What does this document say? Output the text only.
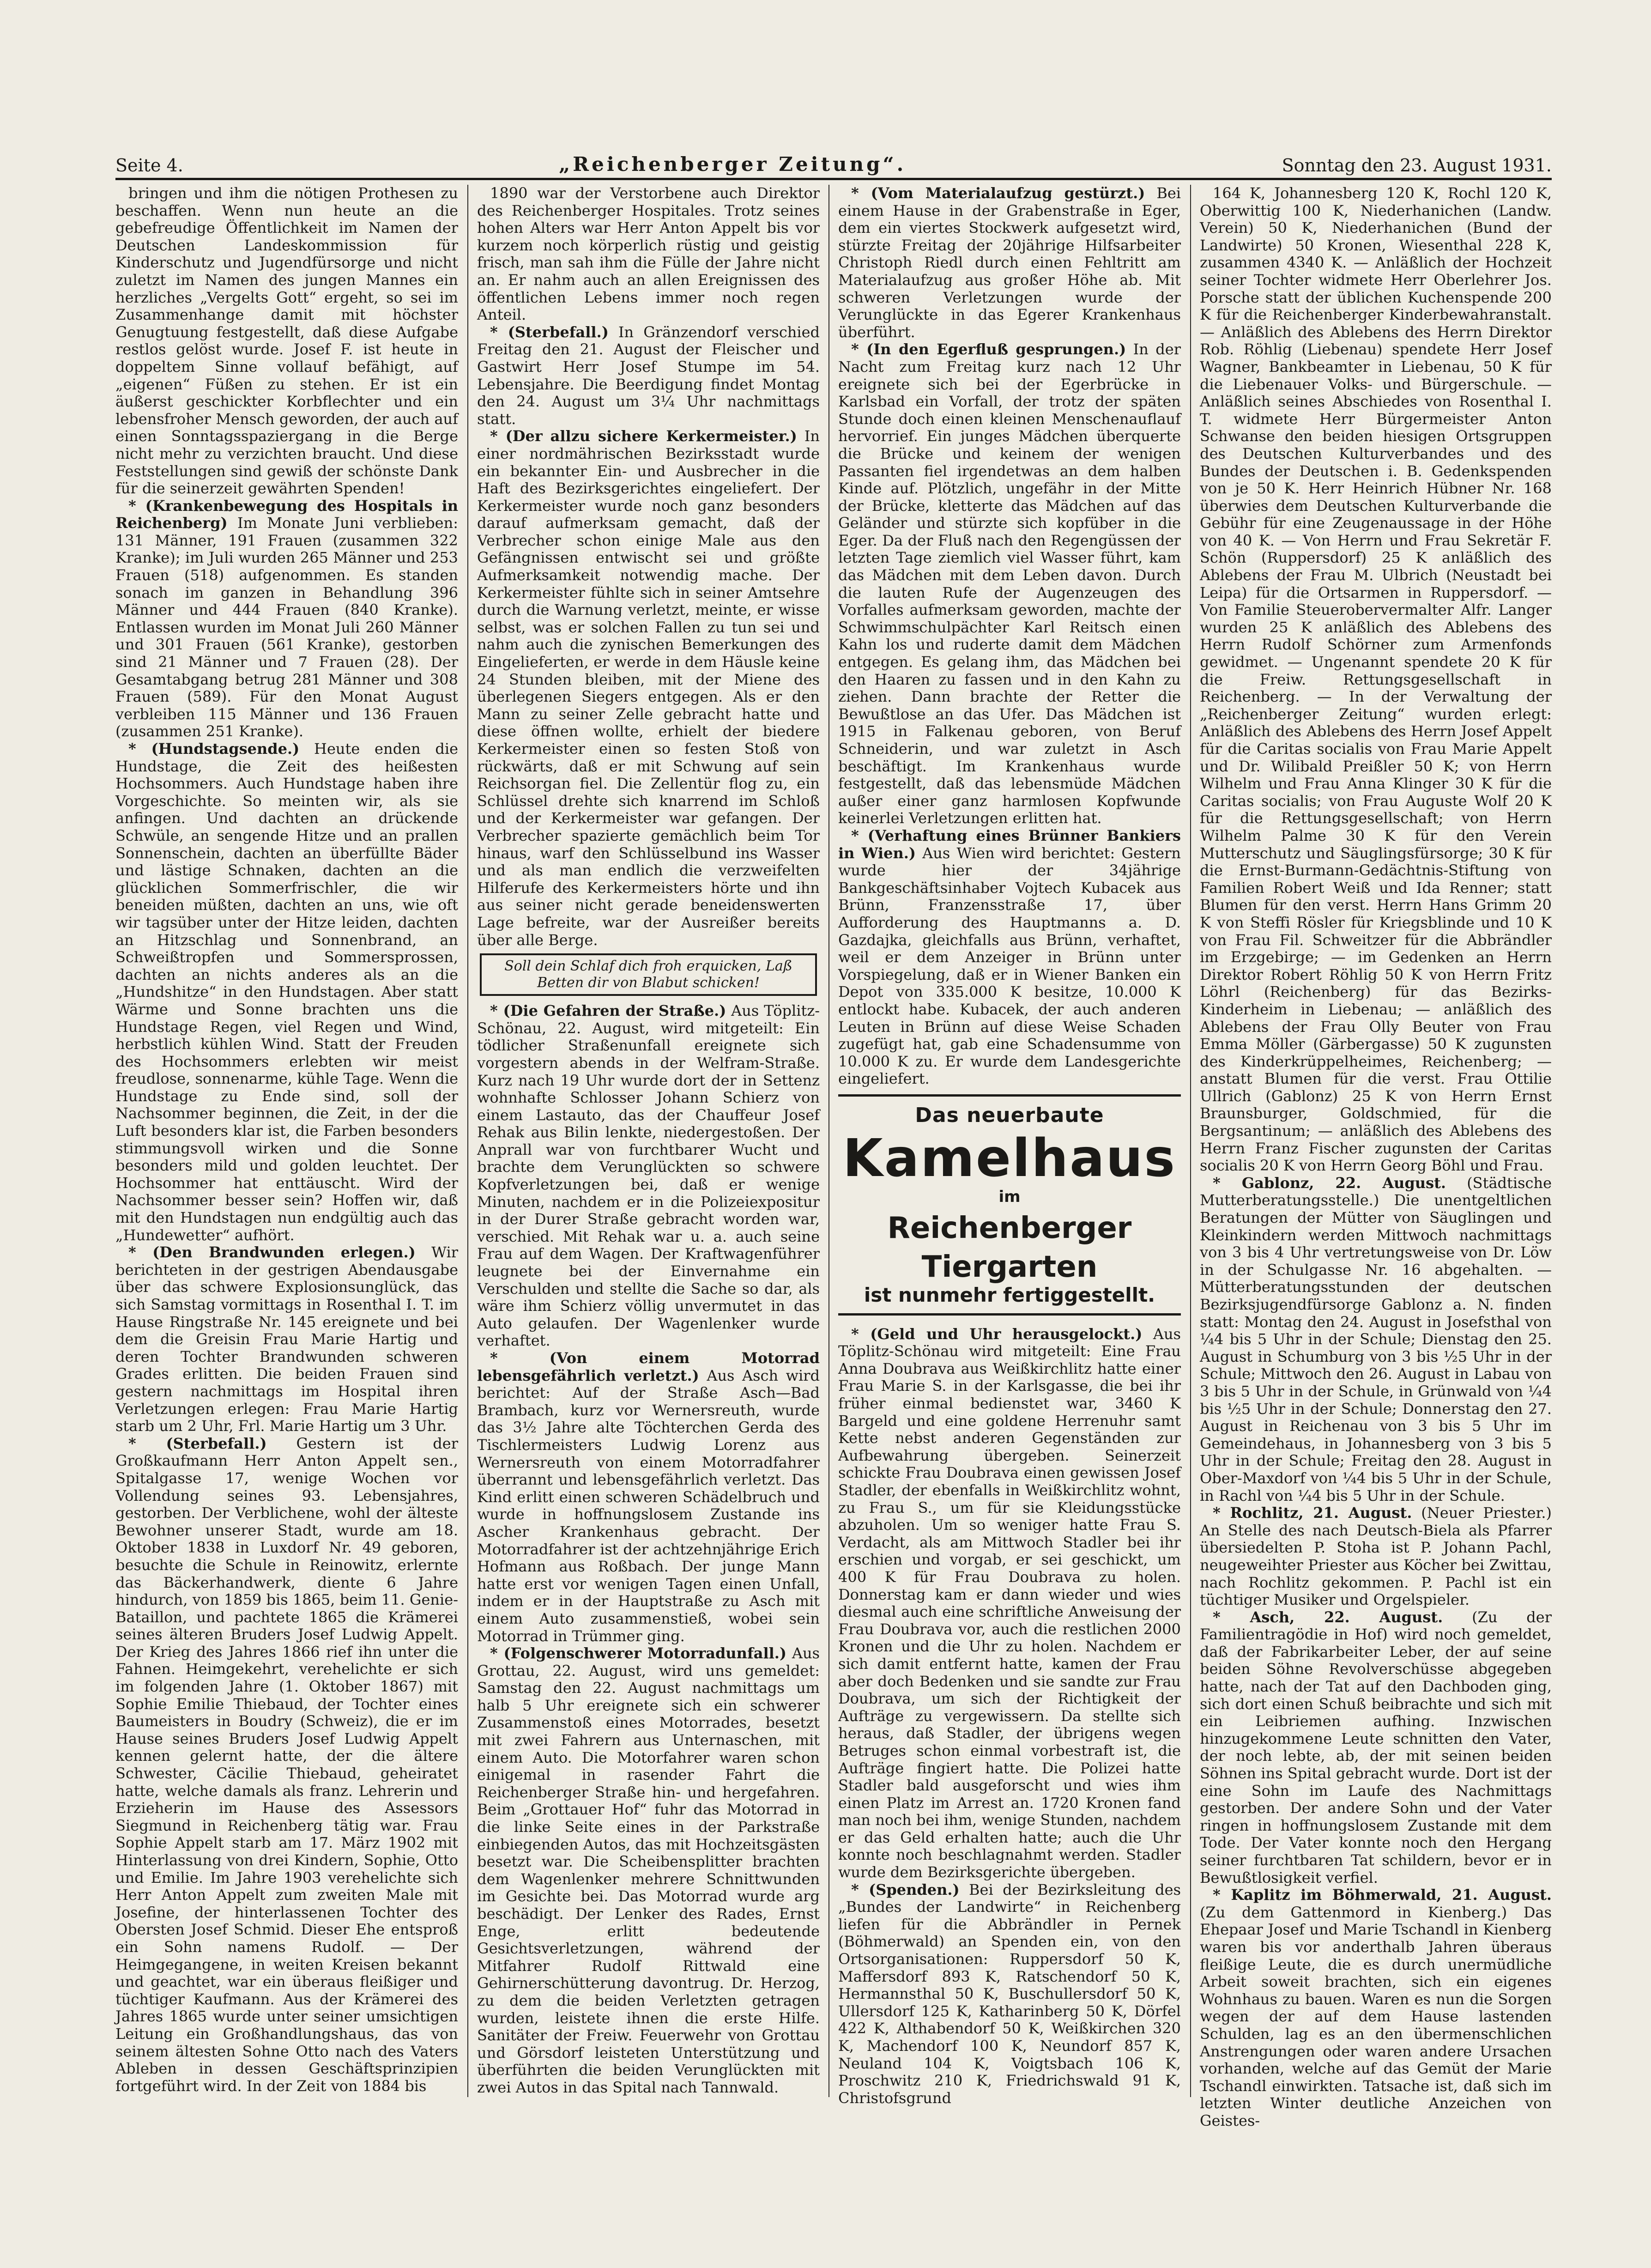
Seite 4.	„Reichenberger Zeitung“.	Sonntag den 23. August 1931.

bringen und ihm die nötigen Prothesen zu beschaffen. Wenn nun heute an die gebefreudige Öffentlichkeit im Namen der Deutschen Landeskommission für Kinderschutz und Jugendfürsorge und nicht zuletzt im Namen des jungen Mannes ein herzliches „Vergelts Gott“ ergeht, so sei im Zusammenhange damit mit höchster Genugtuung festgestellt, daß diese Aufgabe restlos gelöst wurde. Josef F. ist heute in doppeltem Sinne vollauf befähigt, auf „eigenen“ Füßen zu stehen. Er ist ein äußerst geschickter Korbflechter und ein lebensfroher Mensch geworden, der auch auf einen Sonntagsspaziergang in die Berge nicht mehr zu verzichten braucht. Und diese Feststellungen sind gewiß der schönste Dank für die seinerzeit gewährten Spenden!

* (Krankenbewegung des Hospitals in Reichenberg) Im Monate Juni verblieben: 131 Männer, 191 Frauen (zusammen 322 Kranke); im Juli wurden 265 Männer und 253 Frauen (518) aufgenommen. Es standen sonach im ganzen in Behandlung 396 Männer und 444 Frauen (840 Kranke). Entlassen wurden im Monat Juli 260 Männer und 301 Frauen (561 Kranke), gestorben sind 21 Männer und 7 Frauen (28). Der Gesamtabgang betrug 281 Männer und 308 Frauen (589). Für den Monat August verbleiben 115 Männer und 136 Frauen (zusammen 251 Kranke).

* (Hundstagsende.) Heute enden die Hundstage, die Zeit des heißesten Hochsommers. Auch Hundstage haben ihre Vorgeschichte. So meinten wir, als sie anfingen. Und dachten an drückende Schwüle, an sengende Hitze und an prallen Sonnenschein, dachten an überfüllte Bäder und lästige Schnaken, dachten an die glücklichen Sommerfrischler, die wir beneiden müßten, dachten an uns, wie oft wir tagsüber unter der Hitze leiden, dachten an Hitzschlag und Sonnenbrand, an Schweißtropfen und Sommersprossen, dachten an nichts anderes als an die „Hundshitze“ in den Hundstagen. Aber statt Wärme und Sonne brachten uns die Hundstage Regen, viel Regen und Wind, herbstlich kühlen Wind. Statt der Freuden des Hochsommers erlebten wir meist freudlose, sonnenarme, kühle Tage. Wenn die Hundstage zu Ende sind, soll der Nachsommer beginnen, die Zeit, in der die Luft besonders klar ist, die Farben besonders stimmungsvoll wirken und die Sonne besonders mild und golden leuchtet. Der Hochsommer hat enttäuscht. Wird der Nachsommer besser sein? Hoffen wir, daß mit den Hundstagen nun endgültig auch das „Hundewetter“ aufhört.

* (Den Brandwunden erlegen.) Wir berichteten in der gestrigen Abendausgabe über das schwere Explosionsunglück, das sich Samstag vormittags in Rosenthal I. T. im Hause Ringstraße Nr. 145 ereignete und bei dem die Greisin Frau Marie Hartig und deren Tochter Brandwunden schweren Grades erlitten. Die beiden Frauen sind gestern nachmittags im Hospital ihren Verletzungen erlegen: Frau Marie Hartig starb um 2 Uhr, Frl. Marie Hartig um 3 Uhr.

* (Sterbefall.) Gestern ist der Großkaufmann Herr Anton Appelt sen., Spitalgasse 17, wenige Wochen vor Vollendung seines 93. Lebensjahres, gestorben. Der Verblichene, wohl der älteste Bewohner unserer Stadt, wurde am 18. Oktober 1838 in Luxdorf Nr. 49 geboren, besuchte die Schule in Reinowitz, erlernte das Bäckerhandwerk, diente 6 Jahre hindurch, von 1859 bis 1865, beim 11. Genie-Bataillon, und pachtete 1865 die Krämerei seines älteren Bruders Josef Ludwig Appelt. Der Krieg des Jahres 1866 rief ihn unter die Fahnen. Heimgekehrt, verehelichte er sich im folgenden Jahre (1. Oktober 1867) mit Sophie Emilie Thiebaud, der Tochter eines Baumeisters in Boudry (Schweiz), die er im Hause seines Bruders Josef Ludwig Appelt kennen gelernt hatte, der die ältere Schwester, Cäcilie Thiebaud, geheiratet hatte, welche damals als franz. Lehrerin und Erzieherin im Hause des Assessors Siegmund in Reichenberg tätig war. Frau Sophie Appelt starb am 17. März 1902 mit Hinterlassung von drei Kindern, Sophie, Otto und Emilie. Im Jahre 1903 verehelichte sich Herr Anton Appelt zum zweiten Male mit Josefine, der hinterlassenen Tochter des Obersten Josef Schmid. Dieser Ehe entsproß ein Sohn namens Rudolf. — Der Heimgegangene, in weiten Kreisen bekannt und geachtet, war ein überaus fleißiger und tüchtiger Kaufmann. Aus der Krämerei des Jahres 1865 wurde unter seiner umsichtigen Leitung ein Großhandlungshaus, das von seinem ältesten Sohne Otto nach des Vaters Ableben in dessen Geschäftsprinzipien fortgeführt wird. In der Zeit von 1884 bis

1890 war der Verstorbene auch Direktor des Reichenberger Hospitales. Trotz seines hohen Alters war Herr Anton Appelt bis vor kurzem noch körperlich rüstig und geistig frisch, man sah ihm die Fülle der Jahre nicht an. Er nahm auch an allen Ereignissen des öffentlichen Lebens immer noch regen Anteil.

* (Sterbefall.) In Gränzendorf verschied Freitag den 21. August der Fleischer und Gastwirt Herr Josef Stumpe im 54. Lebensjahre. Die Beerdigung findet Montag den 24. August um 3¼ Uhr nachmittags statt.

* (Der allzu sichere Kerkermeister.) In einer nordmährischen Bezirksstadt wurde ein bekannter Ein- und Ausbrecher in die Haft des Bezirksgerichtes eingeliefert. Der Kerkermeister wurde noch ganz besonders darauf aufmerksam gemacht, daß der Verbrecher schon einige Male aus den Gefängnissen entwischt sei und größte Aufmerksamkeit notwendig mache. Der Kerkermeister fühlte sich in seiner Amtsehre durch die Warnung verletzt, meinte, er wisse selbst, was er solchen Fallen zu tun sei und nahm auch die zynischen Bemerkungen des Eingelieferten, er werde in dem Häusle keine 24 Stunden bleiben, mit der Miene des überlegenen Siegers entgegen. Als er den Mann zu seiner Zelle gebracht hatte und diese öffnen wollte, erhielt der biedere Kerkermeister einen so festen Stoß von rückwärts, daß er mit Schwung auf sein Reichsorgan fiel. Die Zellentür flog zu, ein Schlüssel drehte sich knarrend im Schloß und der Kerkermeister war gefangen. Der Verbrecher spazierte gemächlich beim Tor hinaus, warf den Schlüsselbund ins Wasser und als man endlich die verzweifelten Hilferufe des Kerkermeisters hörte und ihn aus seiner nicht gerade beneidenswerten Lage befreite, war der Ausreißer bereits über alle Berge.

Soll dein Schlaf dich froh erquicken, Laß Betten dir von Blabut schicken!

* (Die Gefahren der Straße.) Aus Töplitz-Schönau, 22. August, wird mitgeteilt: Ein tödlicher Straßenunfall ereignete sich vorgestern abends in der Welfram-Straße. Kurz nach 19 Uhr wurde dort der in Settenz wohnhafte Schlosser Johann Schierz von einem Lastauto, das der Chauffeur Josef Rehak aus Bilin lenkte, niedergestoßen. Der Anprall war von furchtbarer Wucht und brachte dem Verunglückten so schwere Kopfverletzungen bei, daß er wenige Minuten, nachdem er in die Polizeiexpositur in der Durer Straße gebracht worden war, verschied. Mit Rehak war u. a. auch seine Frau auf dem Wagen. Der Kraftwagenführer leugnete bei der Einvernahme ein Verschulden und stellte die Sache so dar, als wäre ihm Schierz völlig unvermutet in das Auto gelaufen. Der Wagenlenker wurde verhaftet.

* (Von einem Motorrad lebensgefährlich verletzt.) Aus Asch wird berichtet: Auf der Straße Asch—Bad Brambach, kurz vor Wernersreuth, wurde das 3½ Jahre alte Töchterchen Gerda des Tischlermeisters Ludwig Lorenz aus Wernersreuth von einem Motorradfahrer überrannt und lebensgefährlich verletzt. Das Kind erlitt einen schweren Schädelbruch und wurde in hoffnungslosem Zustande ins Ascher Krankenhaus gebracht. Der Motorradfahrer ist der achtzehnjährige Erich Hofmann aus Roßbach. Der junge Mann hatte erst vor wenigen Tagen einen Unfall, indem er in der Hauptstraße zu Asch mit einem Auto zusammenstieß, wobei sein Motorrad in Trümmer ging.

* (Folgenschwerer Motorradunfall.) Aus Grottau, 22. August, wird uns gemeldet: Samstag den 22. August nachmittags um halb 5 Uhr ereignete sich ein schwerer Zusammenstoß eines Motorrades, besetzt mit zwei Fahrern aus Unternaschen, mit einem Auto. Die Motorfahrer waren schon einigemal in rasender Fahrt die Reichenberger Straße hin- und hergefahren. Beim „Grottauer Hof“ fuhr das Motorrad in die linke Seite eines in der Parkstraße einbiegenden Autos, das mit Hochzeitsgästen besetzt war. Die Scheibensplitter brachten dem Wagenlenker mehrere Schnittwunden im Gesichte bei. Das Motorrad wurde arg beschädigt. Der Lenker des Rades, Ernst Enge, erlitt bedeutende Gesichtsverletzungen, während der Mitfahrer Rudolf Rittwald eine Gehirnerschütterung davontrug. Dr. Herzog, zu dem die beiden Verletzten getragen wurden, leistete ihnen die erste Hilfe. Sanitäter der Freiw. Feuerwehr von Grottau und Görsdorf leisteten Unterstützung und überführten die beiden Verunglückten mit zwei Autos in das Spital nach Tannwald.

* (Vom Materialaufzug gestürzt.) Bei einem Hause in der Grabenstraße in Eger, dem ein viertes Stockwerk aufgesetzt wird, stürzte Freitag der 20jährige Hilfsarbeiter Christoph Riedl durch einen Fehltritt am Materialaufzug aus großer Höhe ab. Mit schweren Verletzungen wurde der Verunglückte in das Egerer Krankenhaus überführt.

* (In den Egerfluß gesprungen.) In der Nacht zum Freitag kurz nach 12 Uhr ereignete sich bei der Egerbrücke in Karlsbad ein Vorfall, der trotz der späten Stunde doch einen kleinen Menschenauflauf hervorrief. Ein junges Mädchen überquerte die Brücke und keinem der wenigen Passanten fiel irgendetwas an dem halben Kinde auf. Plötzlich, ungefähr in der Mitte der Brücke, kletterte das Mädchen auf das Geländer und stürzte sich kopfüber in die Eger. Da der Fluß nach den Regengüssen der letzten Tage ziemlich viel Wasser führt, kam das Mädchen mit dem Leben davon. Durch die lauten Rufe der Augenzeugen des Vorfalles aufmerksam geworden, machte der Schwimmschulpächter Karl Reitsch einen Kahn los und ruderte damit dem Mädchen entgegen. Es gelang ihm, das Mädchen bei den Haaren zu fassen und in den Kahn zu ziehen. Dann brachte der Retter die Bewußtlose an das Ufer. Das Mädchen ist 1915 in Falkenau geboren, von Beruf Schneiderin, und war zuletzt in Asch beschäftigt. Im Krankenhaus wurde festgestellt, daß das lebensmüde Mädchen außer einer ganz harmlosen Kopfwunde keinerlei Verletzungen erlitten hat.

* (Verhaftung eines Brünner Bankiers in Wien.) Aus Wien wird berichtet: Gestern wurde hier der 34jährige Bankgeschäftsinhaber Vojtech Kubacek aus Brünn, Franzensstraße 17, über Aufforderung des Hauptmanns a. D. Gazdajka, gleichfalls aus Brünn, verhaftet, weil er dem Anzeiger in Brünn unter Vorspiegelung, daß er in Wiener Banken ein Depot von 335.000 K besitze, 10.000 K entlockt habe. Kubacek, der auch anderen Leuten in Brünn auf diese Weise Schaden zugefügt hat, gab eine Schadensumme von 10.000 K zu. Er wurde dem Landesgerichte eingeliefert.

Das neuerbaute
Kamelhaus
im
Reichenberger Tiergarten
ist nunmehr fertiggestellt.

* (Geld und Uhr herausgelockt.) Aus Töplitz-Schönau wird mitgeteilt: Eine Frau Anna Doubrava aus Weißkirchlitz hatte einer Frau Marie S. in der Karlsgasse, die bei ihr früher einmal bedienstet war, 3460 K Bargeld und eine goldene Herrenuhr samt Kette nebst anderen Gegenständen zur Aufbewahrung übergeben. Seinerzeit schickte Frau Doubrava einen gewissen Josef Stadler, der ebenfalls in Weißkirchlitz wohnt, zu Frau S., um für sie Kleidungsstücke abzuholen. Um so weniger hatte Frau S. Verdacht, als am Mittwoch Stadler bei ihr erschien und vorgab, er sei geschickt, um 400 K für Frau Doubrava zu holen. Donnerstag kam er dann wieder und wies diesmal auch eine schriftliche Anweisung der Frau Doubrava vor, auch die restlichen 2000 Kronen und die Uhr zu holen. Nachdem er sich damit entfernt hatte, kamen der Frau aber doch Bedenken und sie sandte zur Frau Doubrava, um sich der Richtigkeit der Aufträge zu vergewissern. Da stellte sich heraus, daß Stadler, der übrigens wegen Betruges schon einmal vorbestraft ist, die Aufträge fingiert hatte. Die Polizei hatte Stadler bald ausgeforscht und wies ihm einen Platz im Arrest an. 1720 Kronen fand man noch bei ihm, wenige Stunden, nachdem er das Geld erhalten hatte; auch die Uhr konnte noch beschlagnahmt werden. Stadler wurde dem Bezirksgerichte übergeben.

* (Spenden.) Bei der Bezirksleitung des „Bundes der Landwirte“ in Reichenberg liefen für die Abbrändler in Pernek (Böhmerwald) an Spenden ein, von den Ortsorganisationen: Ruppersdorf 50 K, Maffersdorf 893 K, Ratschendorf 50 K, Hermannsthal 50 K, Buschullersdorf 50 K, Ullersdorf 125 K, Katharinberg 50 K, Dörfel 422 K, Althabendorf 50 K, Weißkirchen 320 K, Machendorf 100 K, Neundorf 857 K, Neuland 104 K, Voigtsbach 106 K, Proschwitz 210 K, Friedrichswald 91 K, Christofsgrund

164 K, Johannesberg 120 K, Rochl 120 K, Oberwittig 100 K, Niederhanichen (Landw. Verein) 50 K, Niederhanichen (Bund der Landwirte) 50 Kronen, Wiesenthal 228 K, zusammen 4340 K. — Anläßlich der Hochzeit seiner Tochter widmete Herr Oberlehrer Jos. Porsche statt der üblichen Kuchenspende 200 K für die Reichenberger Kinderbewahranstalt. — Anläßlich des Ablebens des Herrn Direktor Rob. Röhlig (Liebenau) spendete Herr Josef Wagner, Bankbeamter in Liebenau, 50 K für die Liebenauer Volks- und Bürgerschule. — Anläßlich seines Abschiedes von Rosenthal I. T. widmete Herr Bürgermeister Anton Schwanse den beiden hiesigen Ortsgruppen des Deutschen Kulturverbandes und des Bundes der Deutschen i. B. Gedenkspenden von je 50 K. Herr Heinrich Hübner Nr. 168 überwies dem Deutschen Kulturverbande die Gebühr für eine Zeugenaussage in der Höhe von 40 K. — Von Herrn und Frau Sekretär F. Schön (Ruppersdorf) 25 K anläßlich des Ablebens der Frau M. Ulbrich (Neustadt bei Leipa) für die Ortsarmen in Ruppersdorf. — Von Familie Steuerobervermalter Alfr. Langer wurden 25 K anläßlich des Ablebens des Herrn Rudolf Schörner zum Armenfonds gewidmet. — Ungenannt spendete 20 K für die Freiw. Rettungsgesellschaft in Reichenberg. — In der Verwaltung der „Reichenberger Zeitung“ wurden erlegt: Anläßlich des Ablebens des Herrn Josef Appelt für die Caritas socialis von Frau Marie Appelt und Dr. Wilibald Preißler 50 K; von Herrn Wilhelm und Frau Anna Klinger 30 K für die Caritas socialis; von Frau Auguste Wolf 20 K für die Rettungsgesellschaft; von Herrn Wilhelm Palme 30 K für den Verein Mutterschutz und Säuglingsfürsorge; 30 K für die Ernst-Burmann-Gedächtnis-Stiftung von Familien Robert Weiß und Ida Renner; statt Blumen für den verst. Herrn Hans Grimm 20 K von Steffi Rösler für Kriegsblinde und 10 K von Frau Fil. Schweitzer für die Abbrändler im Erzgebirge; — im Gedenken an Herrn Direktor Robert Röhlig 50 K von Herrn Fritz Löhrl (Reichenberg) für das Bezirks-Kinderheim in Liebenau; — anläßlich des Ablebens der Frau Olly Beuter von Frau Emma Möller (Gärbergasse) 50 K zugunsten des Kinderkrüppelheimes, Reichenberg; — anstatt Blumen für die verst. Frau Ottilie Ullrich (Gablonz) 25 K von Herrn Ernst Braunsburger, Goldschmied, für die Bergsantinum; — anläßlich des Ablebens des Herrn Franz Fischer zugunsten der Caritas socialis 20 K von Herrn Georg Böhl und Frau.

* Gablonz, 22. August. (Städtische Mutterberatungsstelle.) Die unentgeltlichen Beratungen der Mütter von Säuglingen und Kleinkindern werden Mittwoch nachmittags von 3 bis 4 Uhr vertretungsweise von Dr. Löw in der Schulgasse Nr. 16 abgehalten. — Mütterberatungsstunden der deutschen Bezirksjugendfürsorge Gablonz a. N. finden statt: Montag den 24. August in Josefsthal von ¼4 bis 5 Uhr in der Schule; Dienstag den 25. August in Schumburg von 3 bis ½5 Uhr in der Schule; Mittwoch den 26. August in Labau von 3 bis 5 Uhr in der Schule, in Grünwald von ¼4 bis ½5 Uhr in der Schule; Donnerstag den 27. August in Reichenau von 3 bis 5 Uhr im Gemeindehaus, in Johannesberg von 3 bis 5 Uhr in der Schule; Freitag den 28. August in Ober-Maxdorf von ¼4 bis 5 Uhr in der Schule, in Rachl von ¼4 bis 5 Uhr in der Schule.

* Rochlitz, 21. August. (Neuer Priester.) An Stelle des nach Deutsch-Biela als Pfarrer übersiedelten P. Stoha ist P. Johann Pachl, neugeweihter Priester aus Köcher bei Zwittau, nach Rochlitz gekommen. P. Pachl ist ein tüchtiger Musiker und Orgelspieler.

* Asch, 22. August. (Zu der Familientragödie in Hof) wird noch gemeldet, daß der Fabrikarbeiter Leber, der auf seine beiden Söhne Revolverschüsse abgegeben hatte, nach der Tat auf den Dachboden ging, sich dort einen Schuß beibrachte und sich mit ein Leibriemen aufhing. Inzwischen hinzugekommene Leute schnitten den Vater, der noch lebte, ab, der mit seinen beiden Söhnen ins Spital gebracht wurde. Dort ist der eine Sohn im Laufe des Nachmittags gestorben. Der andere Sohn und der Vater ringen in hoffnungslosem Zustande mit dem Tode. Der Vater konnte noch den Hergang seiner furchtbaren Tat schildern, bevor er in Bewußtlosigkeit verfiel.

* Kaplitz im Böhmerwald, 21. August. (Zu dem Gattenmord in Kienberg.) Das Ehepaar Josef und Marie Tschandl in Kienberg waren bis vor anderthalb Jahren überaus fleißige Leute, die es durch unermüdliche Arbeit soweit brachten, sich ein eigenes Wohnhaus zu bauen. Waren es nun die Sorgen wegen der auf dem Hause lastenden Schulden, lag es an den übermenschlichen Anstrengungen oder waren andere Ursachen vorhanden, welche auf das Gemüt der Marie Tschandl einwirkten. Tatsache ist, daß sich im letzten Winter deutliche Anzeichen von Geistes-
